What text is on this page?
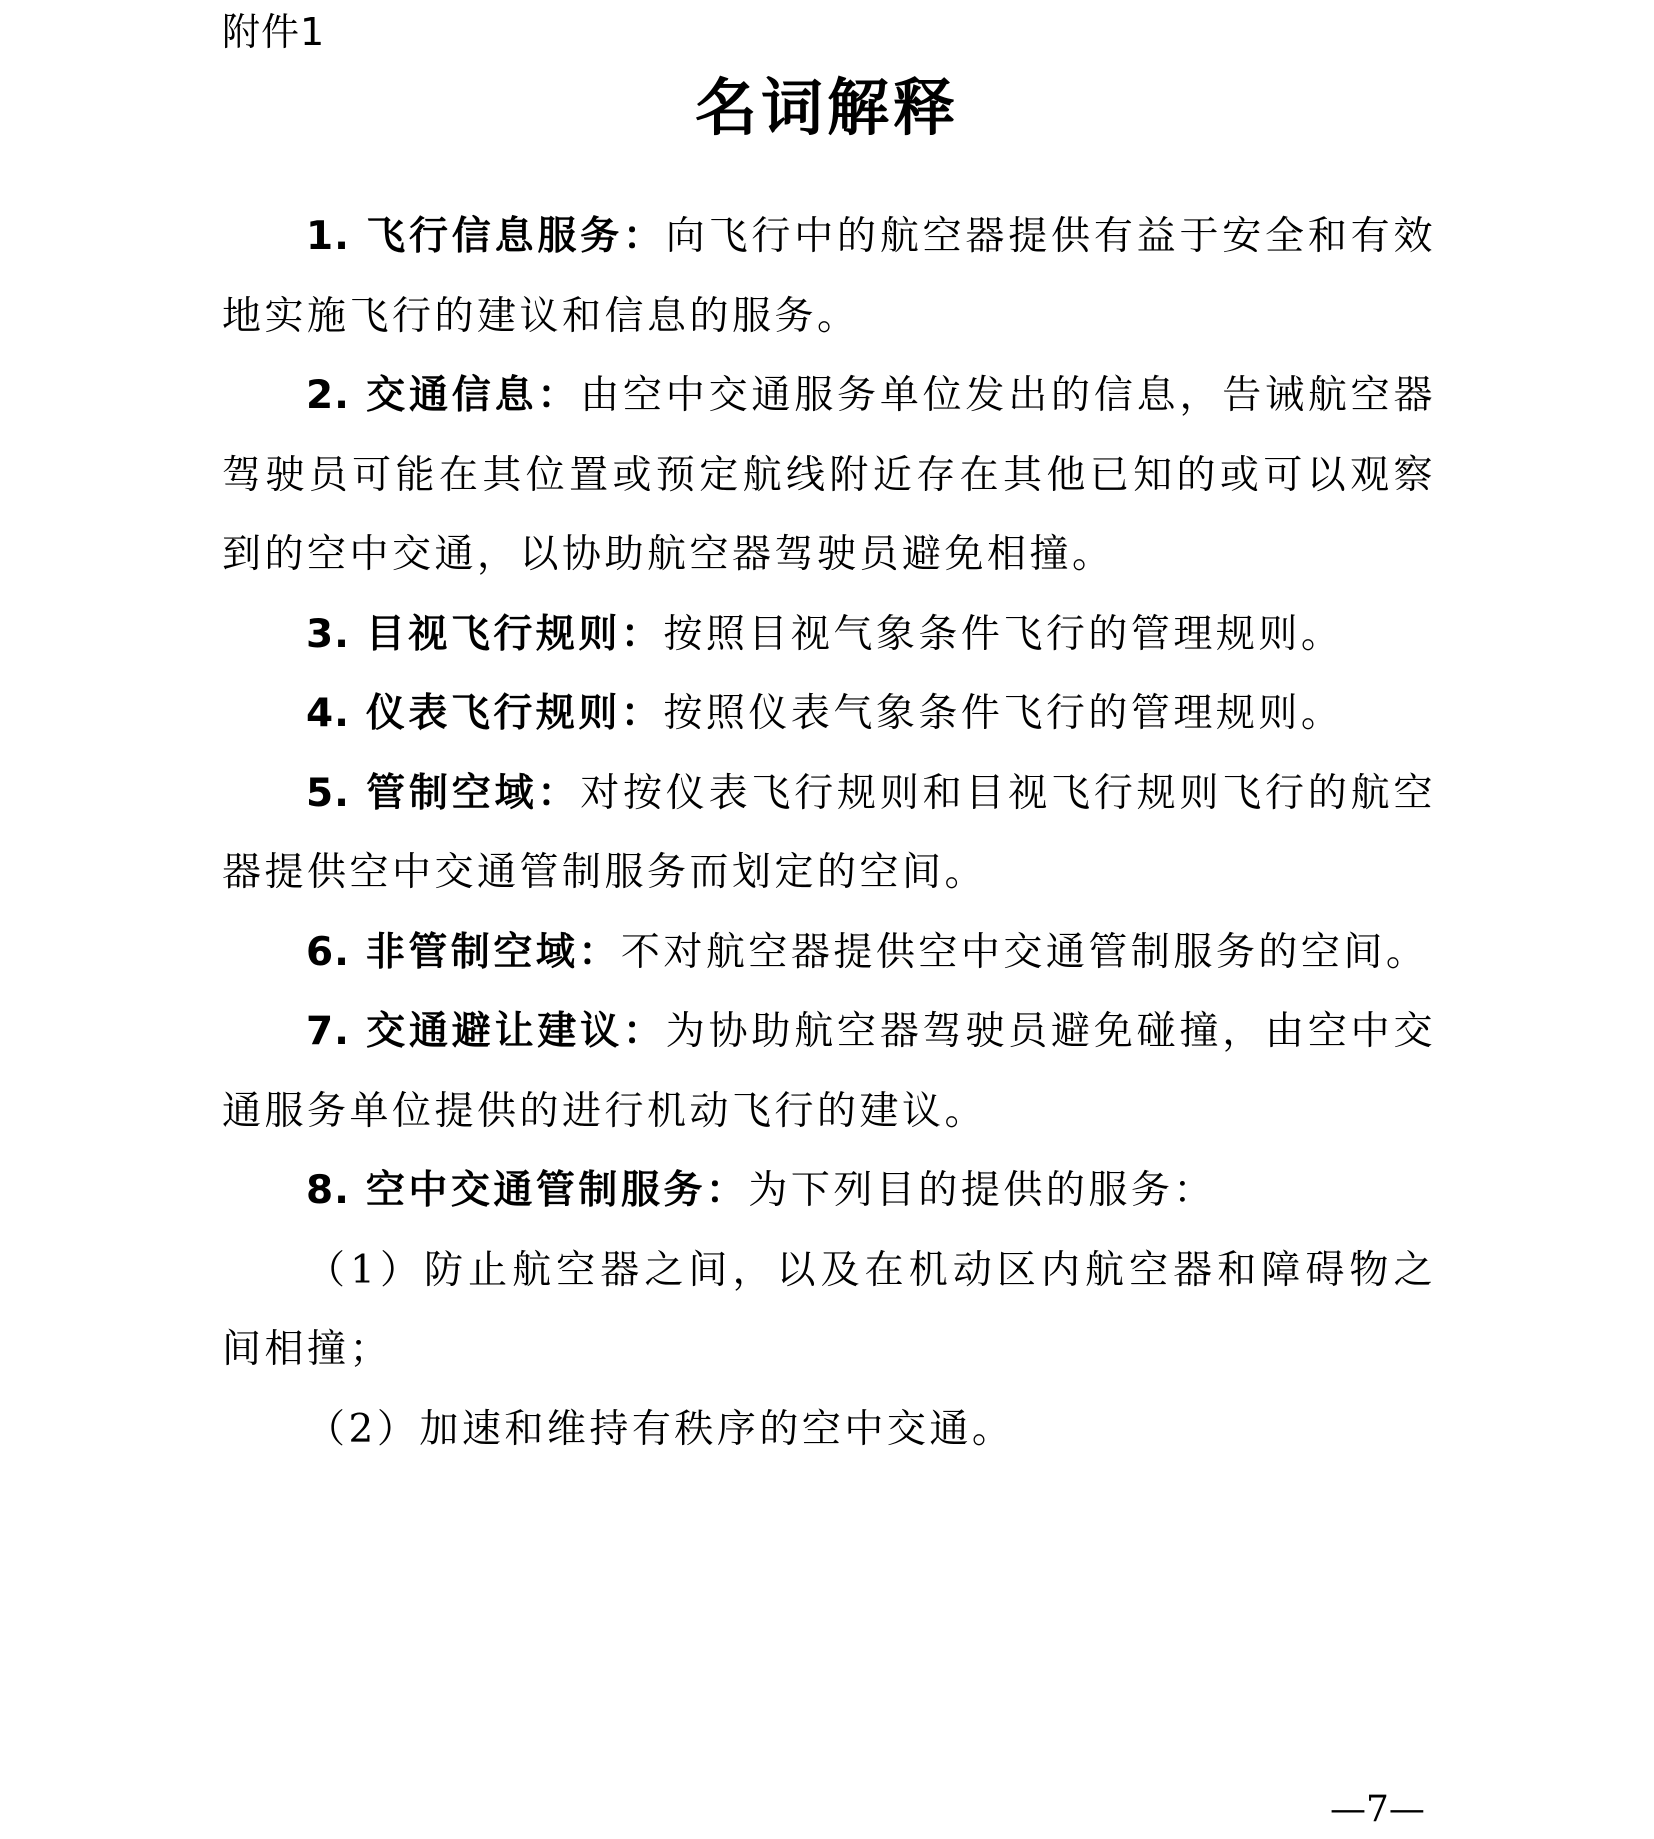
附件1
名词解释

1. 飞行信息服务：向飞行中的航空器提供有益于安全和有效地实施飞行的建议和信息的服务。

2. 交通信息：由空中交通服务单位发出的信息，告诫航空器驾驶员可能在其位置或预定航线附近存在其他已知的或可以观察到的空中交通，以协助航空器驾驶员避免相撞。

3. 目视飞行规则：按照目视气象条件飞行的管理规则。

4. 仪表飞行规则：按照仪表气象条件飞行的管理规则。

5. 管制空域：对按仪表飞行规则和目视飞行规则飞行的航空器提供空中交通管制服务而划定的空间。

6. 非管制空域：不对航空器提供空中交通管制服务的空间。

7. 交通避让建议：为协助航空器驾驶员避免碰撞，由空中交通服务单位提供的进行机动飞行的建议。

8. 空中交通管制服务：为下列目的提供的服务：

（1）防止航空器之间，以及在机动区内航空器和障碍物之间相撞；

（2）加速和维持有秩序的空中交通。

—7—
